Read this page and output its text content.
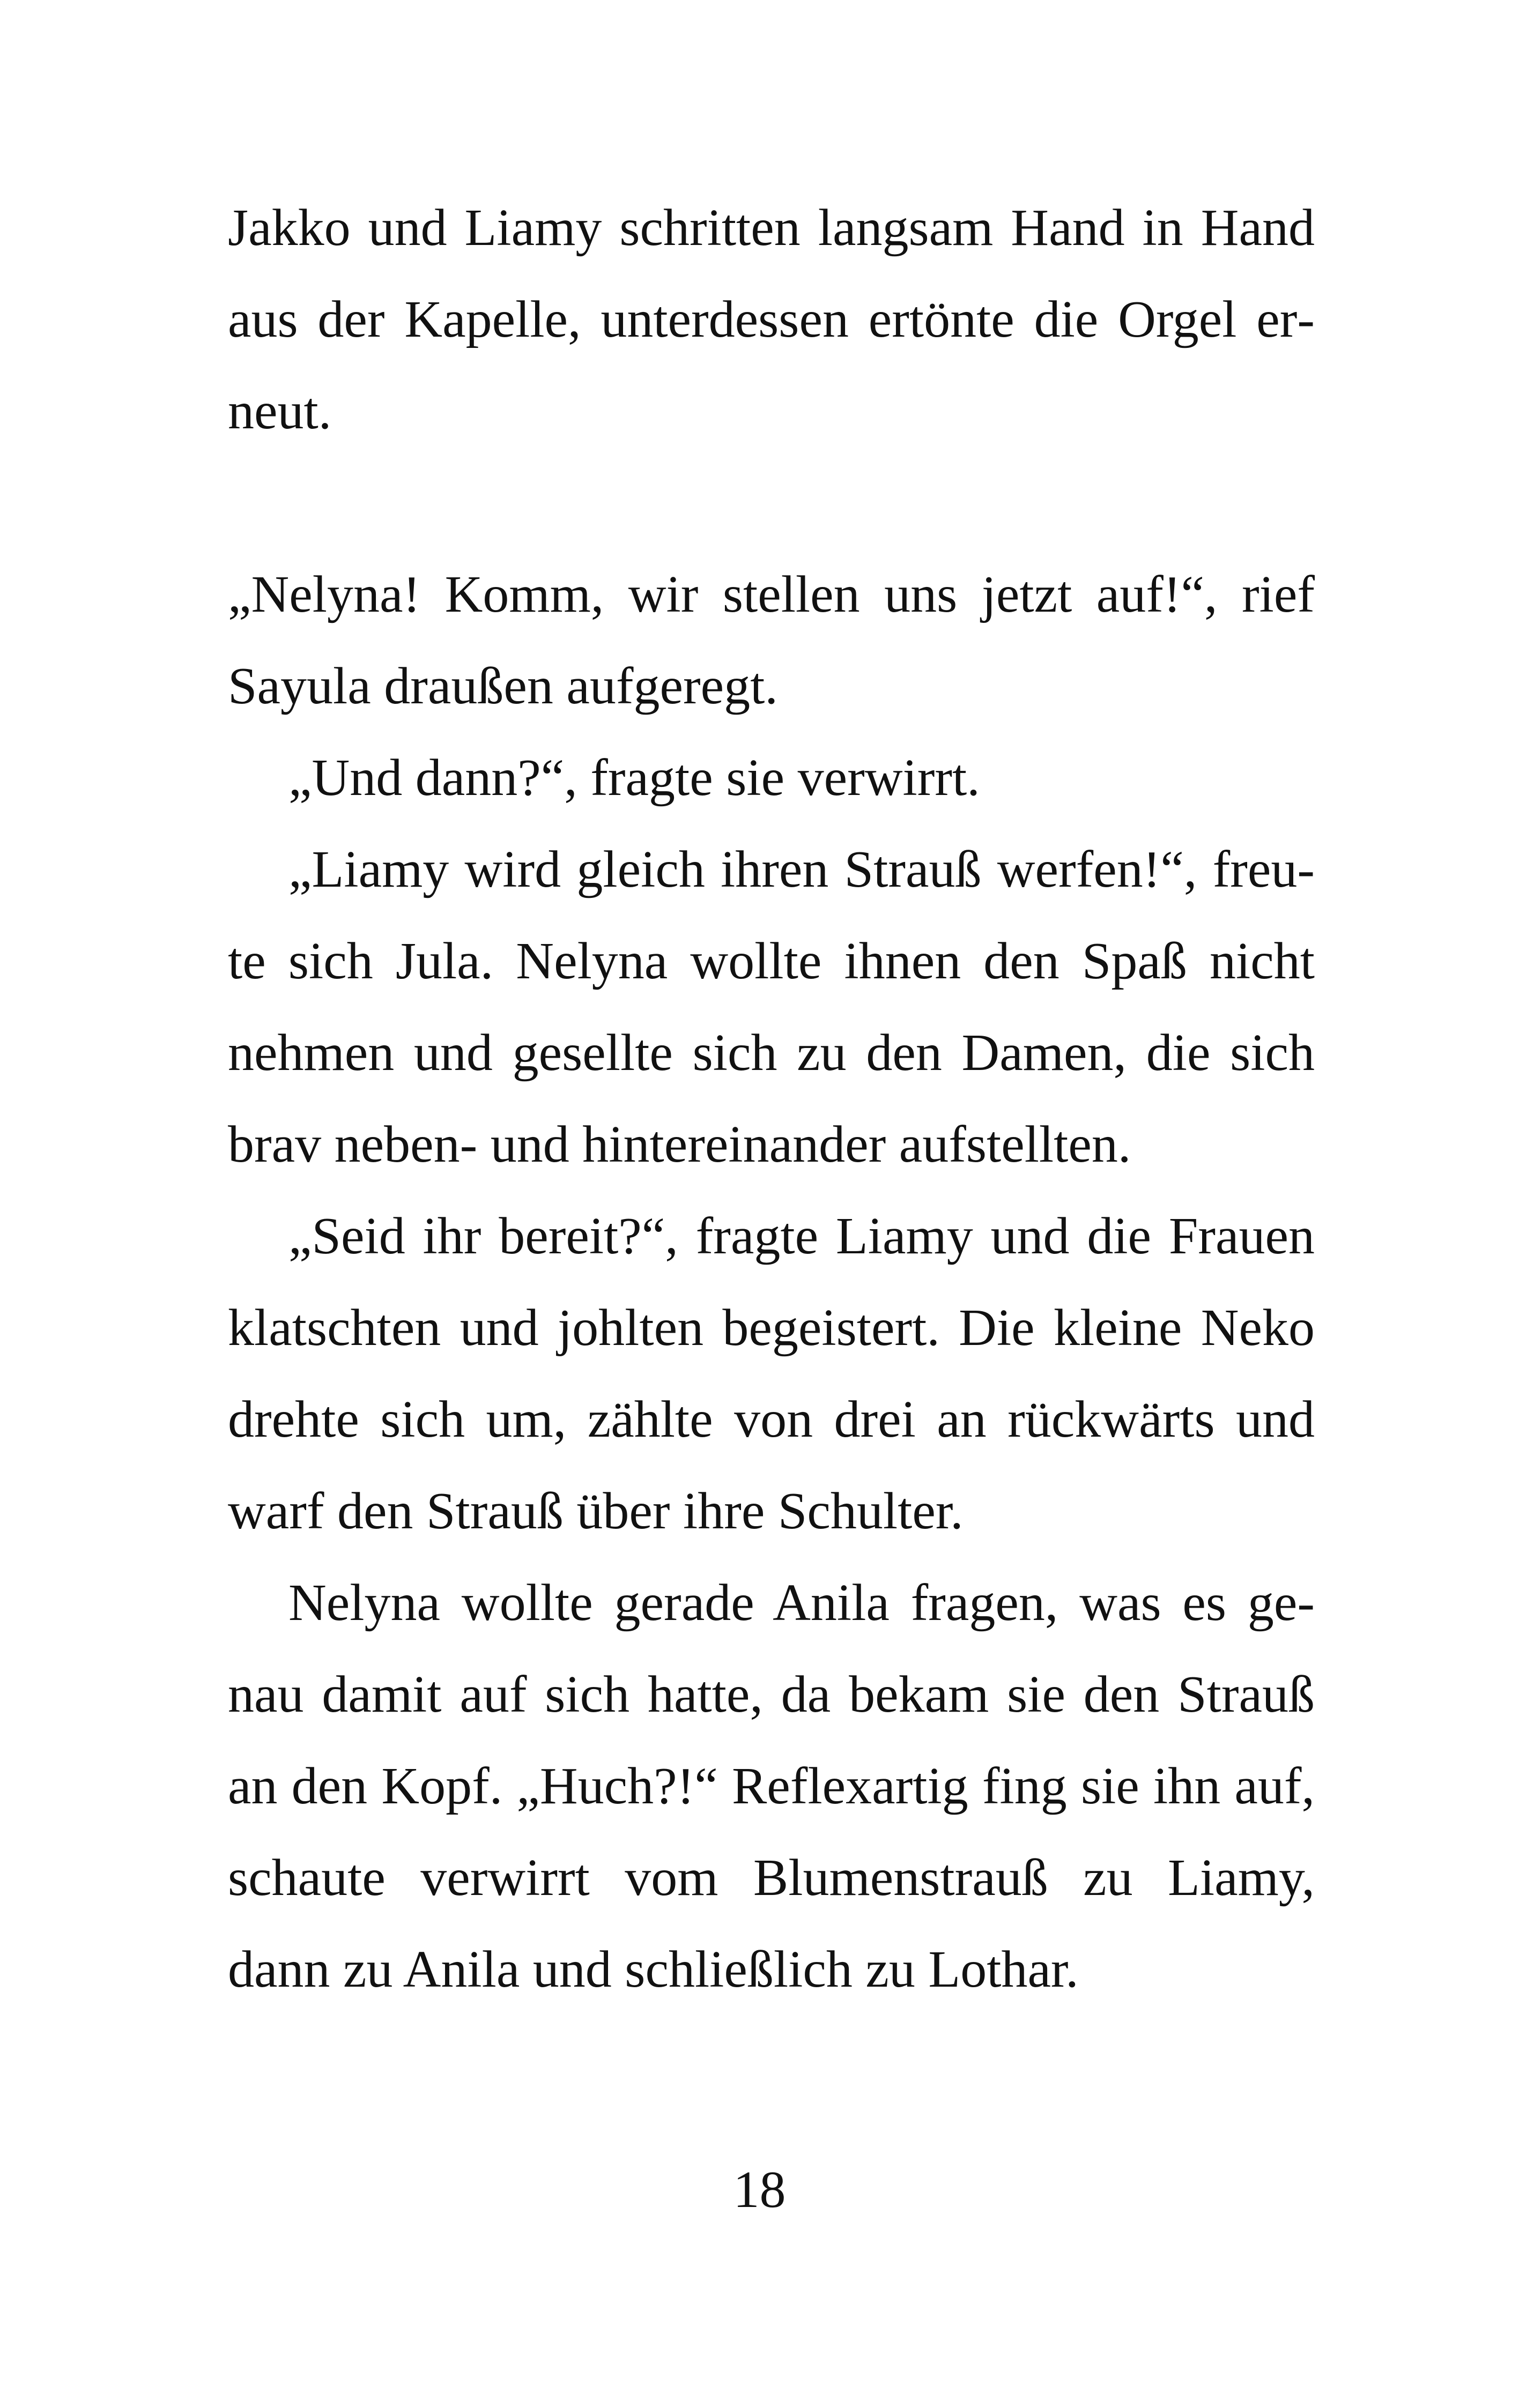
Jakko und Liamy schritten langsam Hand in Hand aus der Kapelle, unterdessen ertönte die Orgel erneut.

„Nelyna! Komm, wir stellen uns jetzt auf!“, rief Sayula draußen aufgeregt.

„Und dann?“, fragte sie verwirrt.

„Liamy wird gleich ihren Strauß werfen!“, freute sich Jula. Nelyna wollte ihnen den Spaß nicht nehmen und gesellte sich zu den Damen, die sich brav neben- und hintereinander aufstellten.

„Seid ihr bereit?“, fragte Liamy und die Frauen klatschten und johlten begeistert. Die kleine Neko drehte sich um, zählte von drei an rückwärts und warf den Strauß über ihre Schulter.

Nelyna wollte gerade Anila fragen, was es genau damit auf sich hatte, da bekam sie den Strauß an den Kopf. „Huch?!“ Reflexartig fing sie ihn auf, schaute verwirrt vom Blumenstrauß zu Liamy, dann zu Anila und schließlich zu Lothar.

18
